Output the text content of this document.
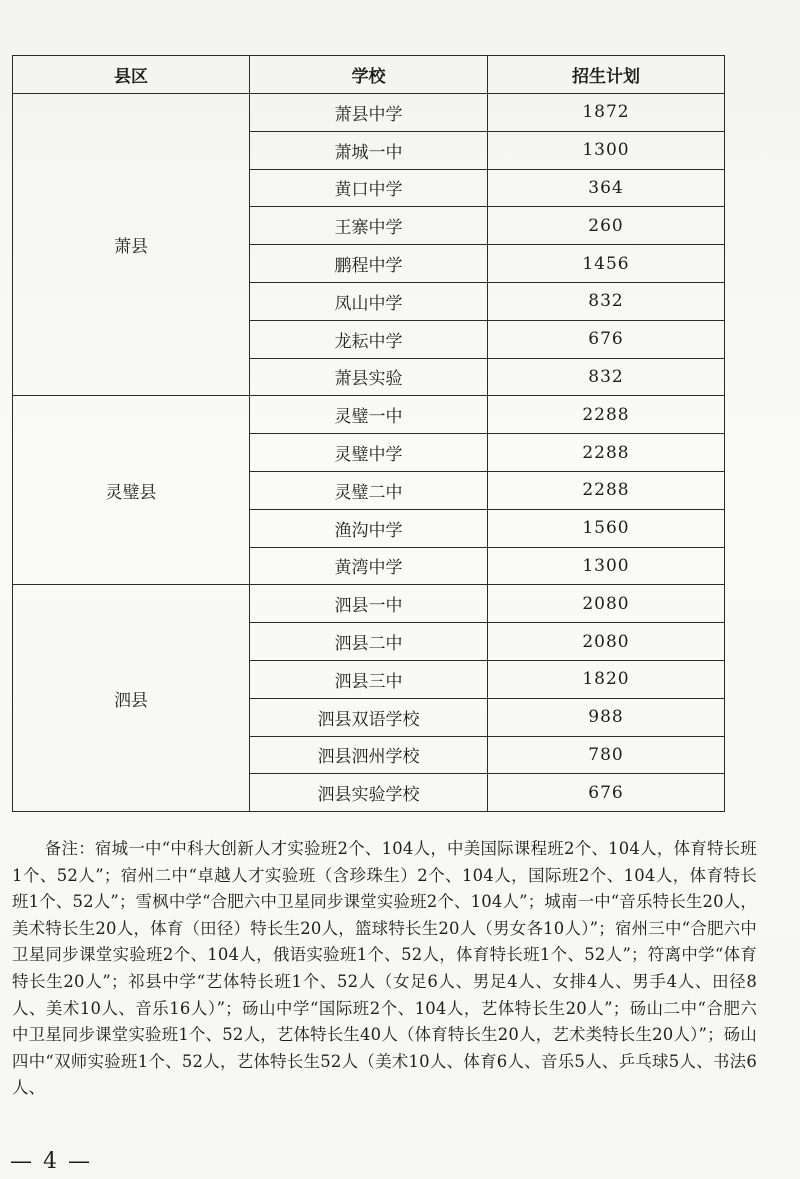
县区	学校	招生计划
萧县	萧县中学	1872
	萧城一中	1300
	黄口中学	364
	王寨中学	260
	鹏程中学	1456
	凤山中学	832
	龙耘中学	676
	萧县实验	832
灵璧县	灵璧一中	2288
	灵璧中学	2288
	灵璧二中	2288
	渔沟中学	1560
	黄湾中学	1300
泗县	泗县一中	2080
	泗县二中	2080
	泗县三中	1820
	泗县双语学校	988
	泗县泗州学校	780
	泗县实验学校	676
备注：宿城一中“中科大创新人才实验班2个、104人，中美国际课程班2个、104人，体育特长班1个、52人”；宿州二中“卓越人才实验班（含珍珠生）2个、104人，国际班2个、104人，体育特长班1个、52人”；雪枫中学“合肥六中卫星同步课堂实验班2个、104人”；城南一中“音乐特长生20人，美术特长生20人，体育（田径）特长生20人，篮球特长生20人（男女各10人）”；宿州三中“合肥六中卫星同步课堂实验班2个、104人，俄语实验班1个、52人，体育特长班1个、52人”；符离中学“体育特长生20人”；祁县中学“艺体特长班1个、52人（女足6人、男足4人、女排4人、男手4人、田径8人、美术10人、音乐16人）”；砀山中学“国际班2个、104人，艺体特长生20人”；砀山二中“合肥六中卫星同步课堂实验班1个、52人，艺体特长生40人（体育特长生20人，艺术类特长生20人）”；砀山四中“双师实验班1个、52人，艺体特长生52人（美术10人、体育6人、音乐5人、乒乓球5人、书法6人、
— 4 —
